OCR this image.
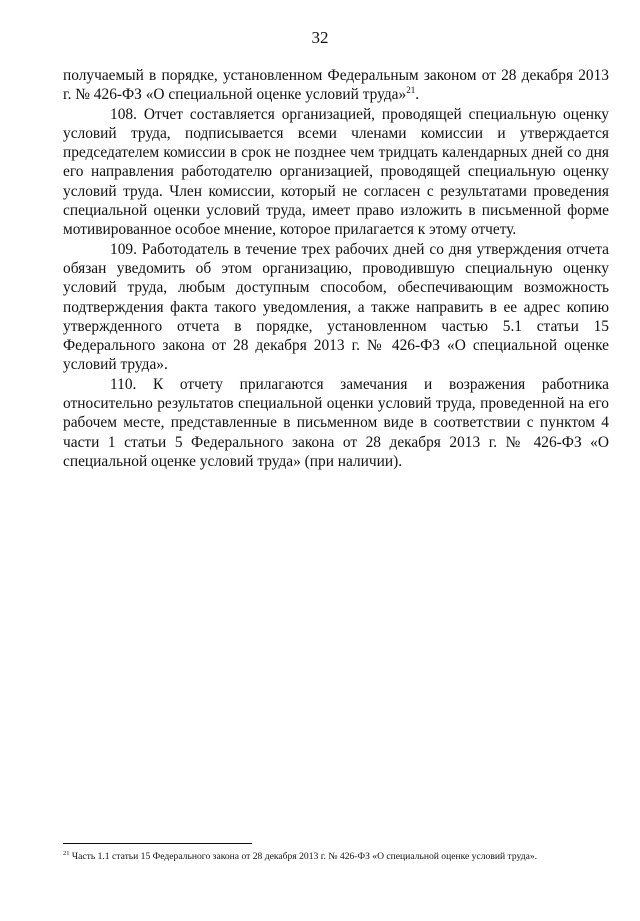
32

получаемый в порядке, установленном Федеральным законом от 28 декабря 2013 г. № 426-ФЗ «О специальной оценке условий труда»$^{21}$.

108. Отчет составляется организацией, проводящей специальную оценку условий труда, подписывается всеми членами комиссии и утверждается председателем комиссии в срок не позднее чем тридцать календарных дней со дня его направления работодателю организацией, проводящей специальную оценку условий труда. Член комиссии, который не согласен с результатами проведения специальной оценки условий труда, имеет право изложить в письменной форме мотивированное особое мнение, которое прилагается к этому отчету.

109. Работодатель в течение трех рабочих дней со дня утверждения отчета обязан уведомить об этом организацию, проводившую специальную оценку условий труда, любым доступным способом, обеспечивающим возможность подтверждения факта такого уведомления, а также направить в ее адрес копию утвержденного отчета в порядке, установленном частью 5.1 статьи 15 Федерального закона от 28 декабря 2013 г. № 426-ФЗ «О специальной оценке условий труда».

110. К отчету прилагаются замечания и возражения работника относительно результатов специальной оценки условий труда, проведенной на его рабочем месте, представленные в письменном виде в соответствии с пунктом 4 части 1 статьи 5 Федерального закона от 28 декабря 2013 г. № 426-ФЗ «О специальной оценке условий труда» (при наличии).

$^{21}$ Часть 1.1 статьи 15 Федерального закона от 28 декабря 2013 г. № 426-ФЗ «О специальной оценке условий труда».
